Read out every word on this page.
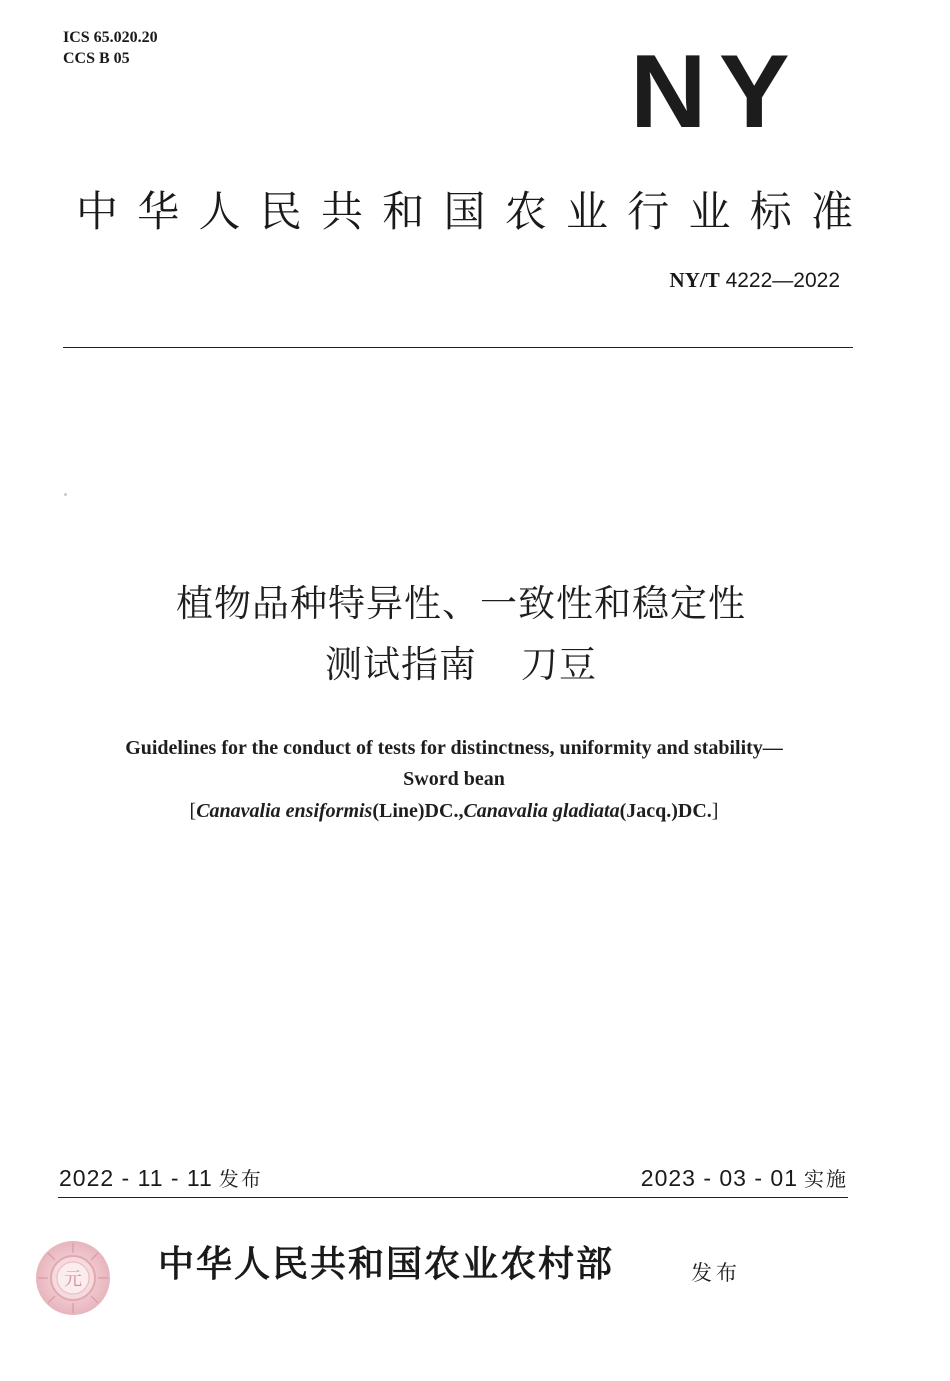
ICS 65.020.20
CCS B 05	NY
中华人民共和国农业行业标准
NY/T 4222—2022
植物品种特异性、一致性和稳定性
测试指南 刀豆
Guidelines for the conduct of tests for distinctness, uniformity and stability—
Sword bean
[Canavalia ensiformis(Line)DC.,Canavalia gladiata(Jacq.)DC.]
2022 - 11 - 11 发布	2023 - 03 - 01 实施
元 中华人民共和国农业农村部	发布
